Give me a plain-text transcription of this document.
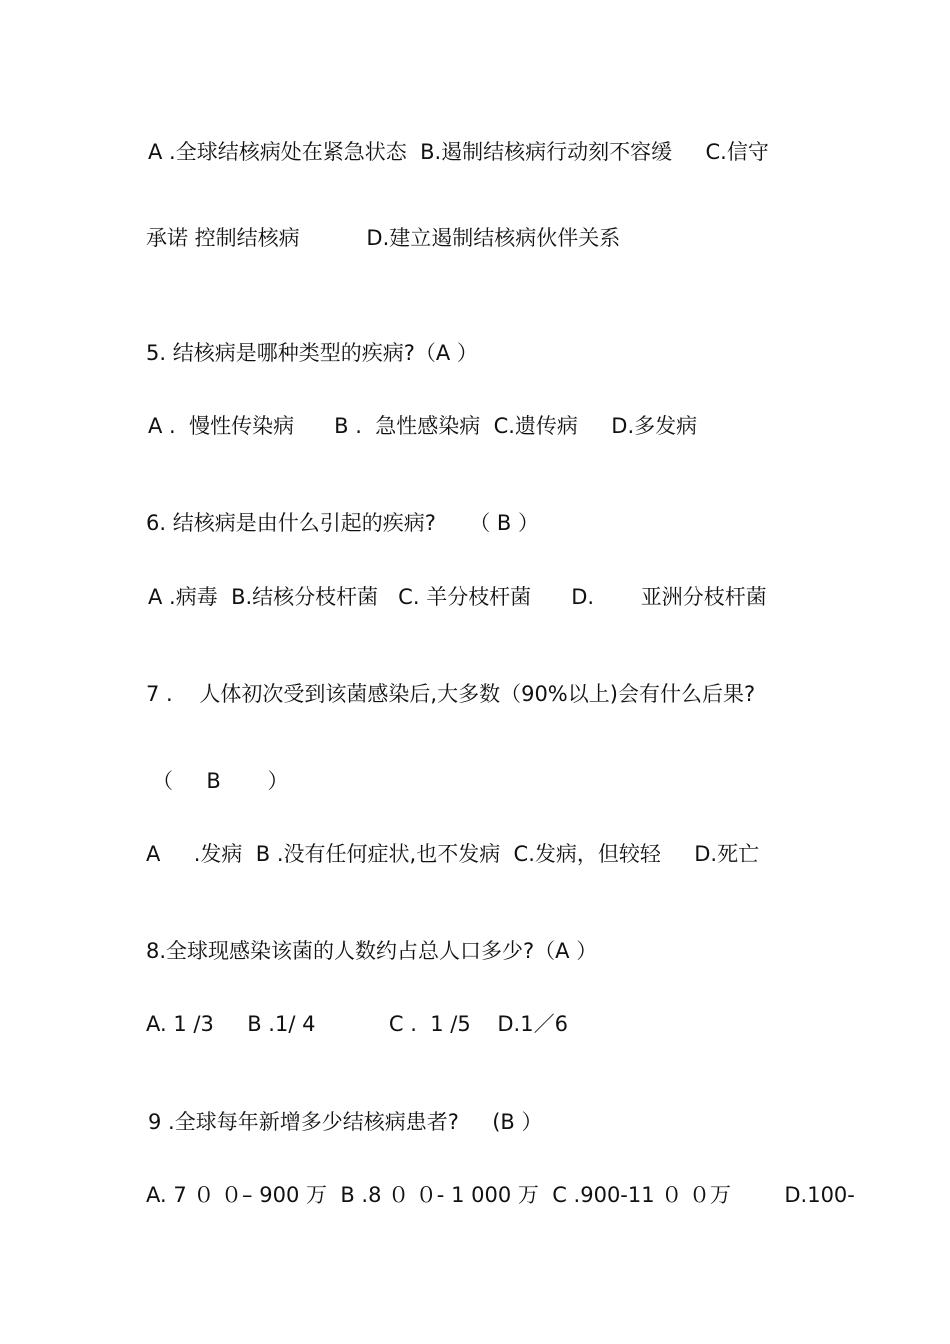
A .全球结核病处在紧急状态  B.遏制结核病行动刻不容缓     C.信守

承诺 控制结核病          D.建立遏制结核病伙伴关系

5. 结核病是哪种类型的疾病?（A ）

A .  慢性传染病      B .  急性感染病  C.遗传病     D.多发病

6. 结核病是由什么引起的疾病?     （ B ）

A .病毒  B.结核分枝杆菌   C. 羊分枝杆菌      D.       亚洲分枝杆菌

7 .    人体初次受到该菌感染后,大多数（90%以上)会有什么后果?

（     B       ）

A     .发病  B .没有任何症状,也不发病  C.发病，但较轻     D.死亡

8.全球现感染该菌的人数约占总人口多少?（A ）

A. 1 /3     B .1/ 4           C .  1 /5    D.1／6

9 .全球每年新增多少结核病患者?     (B ）

A. 7 ０ ０– 900 万  B .8 ０ ０- 1 000 万  C .900-11 ０ ０万        D.100-
